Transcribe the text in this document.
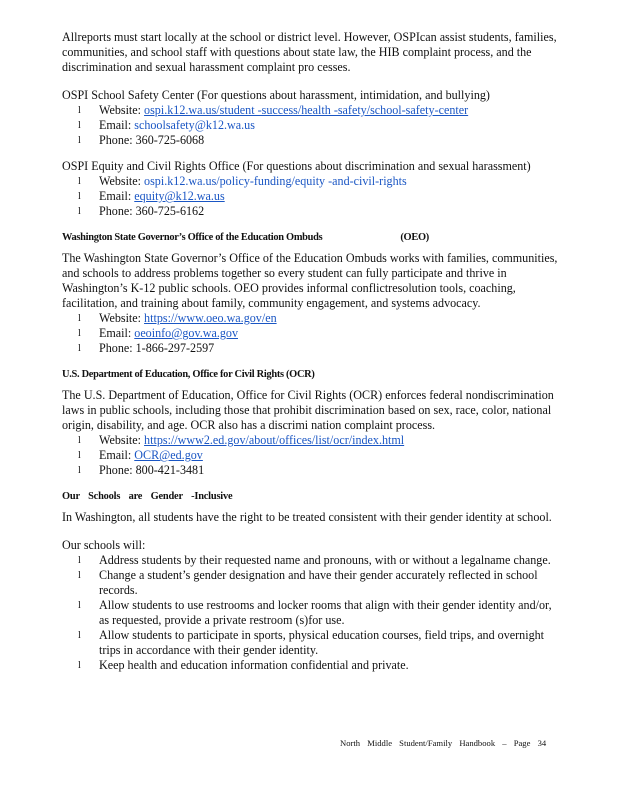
Allreports must start locally at the school or district level. However, OSPIcan assist students, families, communities, and school staff with questions about state law, the HIB complaint process, and the discrimination and sexual harassment complaint pro cesses.

OSPI School Safety Center (For questions about harassment, intimidation, and bullying)

l Website: ospi.k12.wa.us/student -success/health -safety/school-safety-center
l Email: schoolsafety@k12.wa.us
l Phone: 360-725-6068

OSPI Equity and Civil Rights Office (For questions about discrimination and sexual harassment)

l Website: ospi.k12.wa.us/policy-funding/equity -and-civil-rights
l Email: equity@k12.wa.us
l Phone: 360-725-6162

Washington State Governor’s Office of the Education Ombuds	(OEO)

The Washington State Governor’s Office of the Education Ombuds works with families, communities, and schools to address problems together so every student can fully participate and thrive in Washington’s K-12 public schools. OEO provides informal conflictresolution tools, coaching, facilitation, and training about family, community engagement, and systems advocacy.

l Website: https://www.oeo.wa.gov/en
l Email: oeoinfo@gov.wa.gov
l Phone: 1-866-297-2597

U.S. Department of Education, Office for Civil Rights (OCR)

The U.S. Department of Education, Office for Civil Rights (OCR) enforces federal nondiscrimination laws in public schools, including those that prohibit discrimination based on sex, race, color, national origin, disability, and age. OCR also has a discrimi nation complaint process.

l Website: https://www2.ed.gov/about/offices/list/ocr/index.html
l Email: OCR@ed.gov
l Phone: 800-421-3481

Our Schools are Gender -Inclusive

In Washington, all students have the right to be treated consistent with their gender identity at school.

Our schools will:

l Address students by their requested name and pronouns, with or without a legalname change.
l Change a student’s gender designation and have their gender accurately reflected in school records.
l Allow students to use restrooms and locker rooms that align with their gender identity and/or, as requested, provide a private restroom (s)for use.
l Allow students to participate in sports, physical education courses, field trips, and overnight trips in accordance with their gender identity.
l Keep health and education information confidential and private.
North Middle Student/Family Handbook – Page 34
